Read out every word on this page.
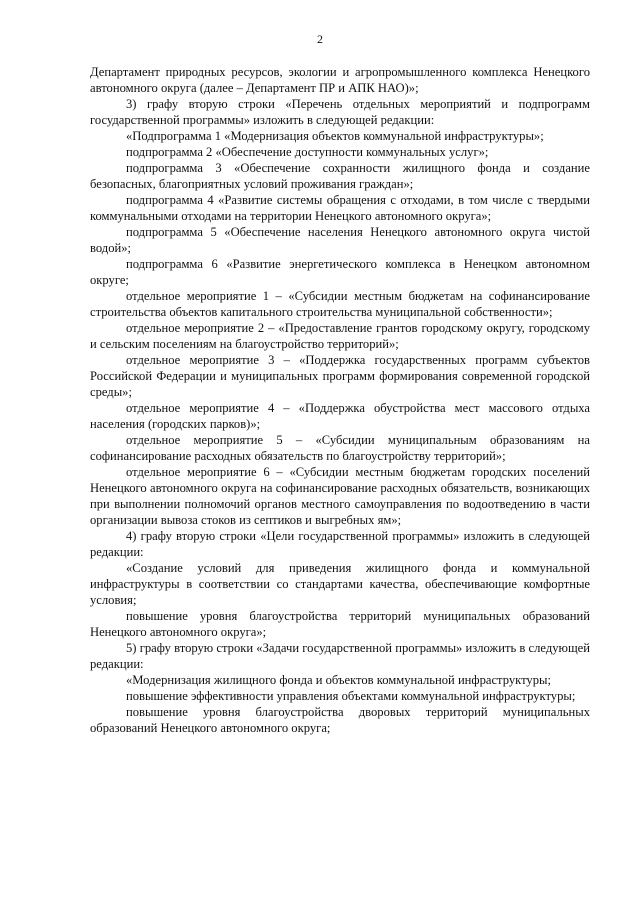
2

Департамент природных ресурсов, экологии и агропромышленного комплекса Ненецкого автономного округа (далее – Департамент ПР и АПК НАО)»;

3) графу вторую строки «Перечень отдельных мероприятий и подпрограмм государственной программы» изложить в следующей редакции:

«Подпрограмма 1 «Модернизация объектов коммунальной инфраструктуры»;

подпрограмма 2 «Обеспечение доступности коммунальных услуг»;

подпрограмма 3 «Обеспечение сохранности жилищного фонда и создание безопасных, благоприятных условий проживания граждан»;

подпрограмма 4 «Развитие системы обращения с отходами, в том числе с твердыми коммунальными отходами на территории Ненецкого автономного округа»;

подпрограмма 5 «Обеспечение населения Ненецкого автономного округа чистой водой»;

подпрограмма 6 «Развитие энергетического комплекса в Ненецком автономном округе;

отдельное мероприятие 1 – «Субсидии местным бюджетам на софинансирование строительства объектов капитального строительства муниципальной собственности»;

отдельное мероприятие 2 – «Предоставление грантов городскому округу, городскому и сельским поселениям на благоустройство территорий»;

отдельное мероприятие 3 – «Поддержка государственных программ субъектов Российской Федерации и муниципальных программ формирования современной городской среды»;

отдельное мероприятие 4 – «Поддержка обустройства мест массового отдыха населения (городских парков)»;

отдельное мероприятие 5 – «Субсидии муниципальным образованиям на софинансирование расходных обязательств по благоустройству территорий»;

отдельное мероприятие 6 – «Субсидии местным бюджетам городских поселений Ненецкого автономного округа на софинансирование расходных обязательств, возникающих при выполнении полномочий органов местного самоуправления по водоотведению в части организации вывоза стоков из септиков и выгребных ям»;

4) графу вторую строки «Цели государственной программы» изложить в следующей редакции:

«Создание условий для приведения жилищного фонда и коммунальной инфраструктуры в соответствии со стандартами качества, обеспечивающие комфортные условия;

повышение уровня благоустройства территорий муниципальных образований Ненецкого автономного округа»;

5) графу вторую строки «Задачи государственной программы» изложить в следующей редакции:

«Модернизация жилищного фонда и объектов коммунальной инфраструктуры;

повышение эффективности управления объектами коммунальной инфраструктуры;

повышение уровня благоустройства дворовых территорий муниципальных образований Ненецкого автономного округа;
